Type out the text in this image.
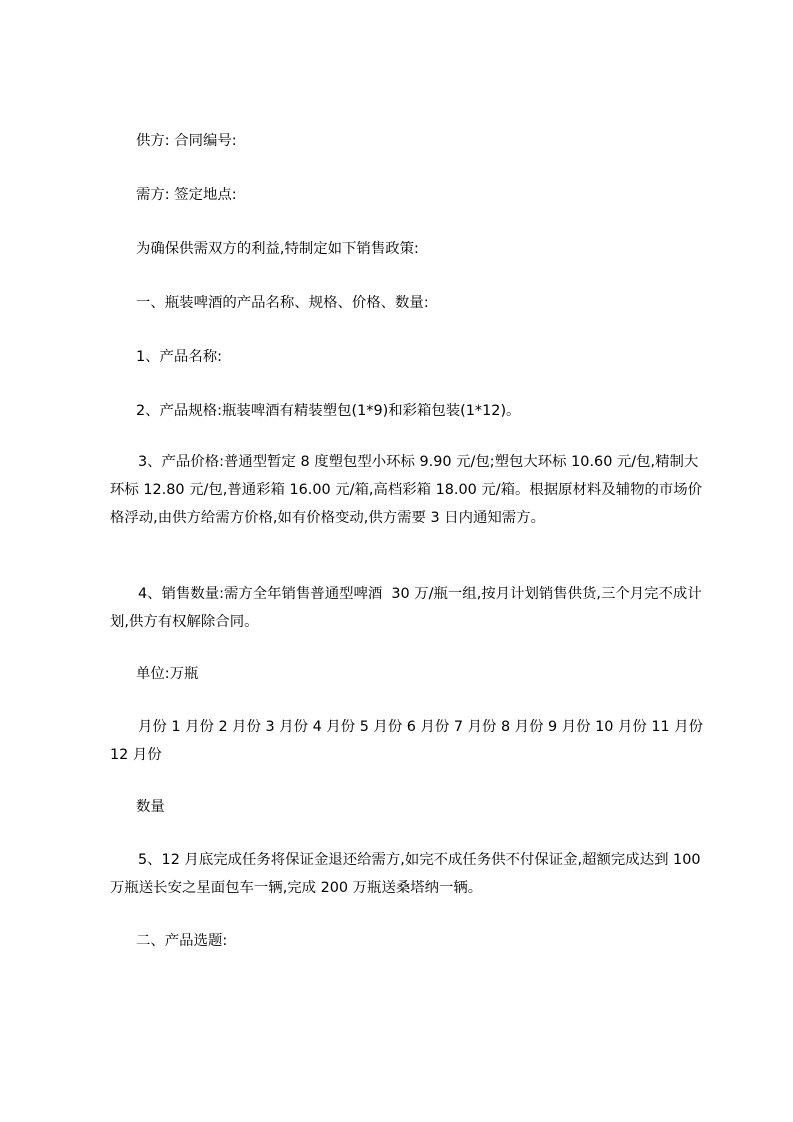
供方: 合同编号:

需方: 签定地点:

为确保供需双方的利益,特制定如下销售政策:

一、瓶装啤酒的产品名称、规格、价格、数量:

1、产品名称:

2、产品规格:瓶装啤酒有精装塑包(1*9)和彩箱包装(1*12)。

3、产品价格:普通型暂定 8 度塑包型小环标 9.90 元/包;塑包大环标 10.60 元/包,精制大环标 12.80 元/包,普通彩箱 16.00 元/箱,高档彩箱 18.00 元/箱。根据原材料及辅物的市场价格浮动,由供方给需方价格,如有价格变动,供方需要 3 日内通知需方。

4、销售数量:需方全年销售普通型啤酒  30 万/瓶一组,按月计划销售供货,三个月完不成计划,供方有权解除合同。

单位:万瓶

月份 1 月份 2 月份 3 月份 4 月份 5 月份 6 月份 7 月份 8 月份 9 月份 10 月份 11 月份 12 月份

数量

5、12 月底完成任务将保证金退还给需方,如完不成任务供不付保证金,超额完成达到 100 万瓶送长安之星面包车一辆,完成 200 万瓶送桑塔纳一辆。

二、产品选题:
